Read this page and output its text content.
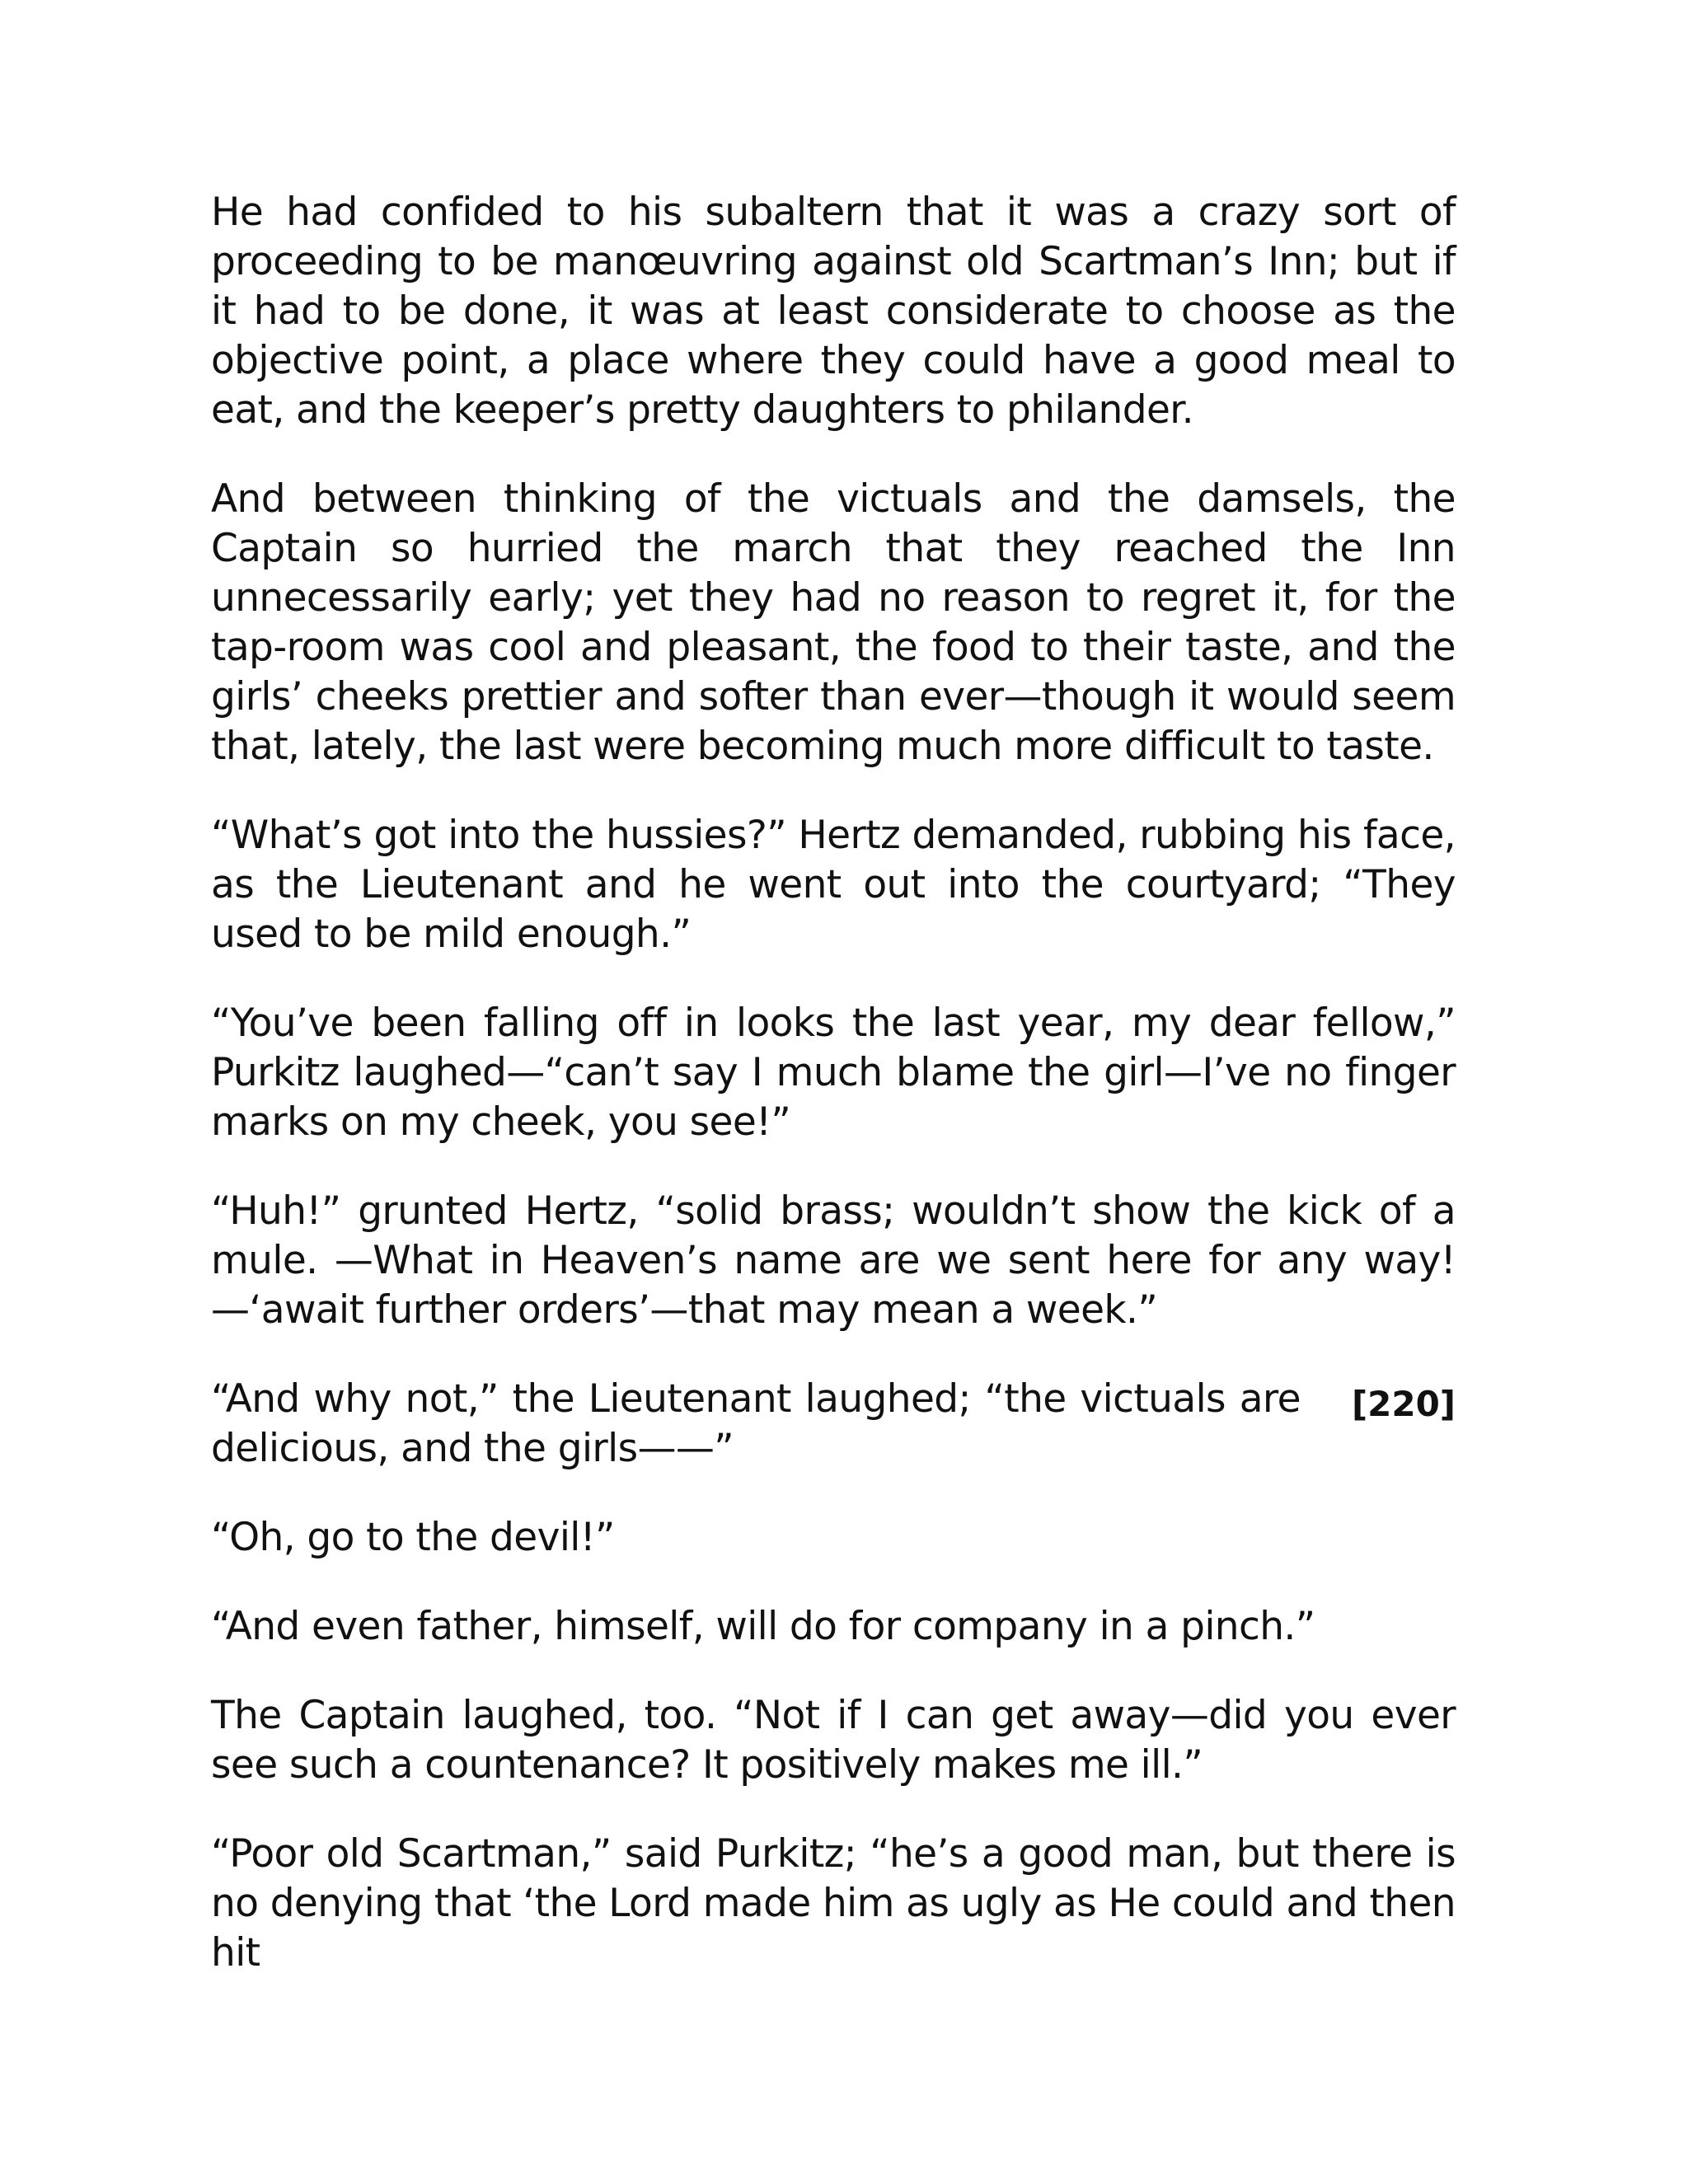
He had confided to his subaltern that it was a crazy sort of proceeding to be manœuvring against old Scartman’s Inn; but if it had to be done, it was at least considerate to choose as the objective point, a place where they could have a good meal to eat, and the keeper’s pretty daughters to philander.

And between thinking of the victuals and the damsels, the Captain so hurried the march that they reached the Inn unnecessarily early; yet they had no reason to regret it, for the tap-room was cool and pleasant, the food to their taste, and the girls’ cheeks prettier and softer than ever—though it would seem that, lately, the last were becoming much more difficult to taste.

“What’s got into the hussies?” Hertz demanded, rubbing his face, as the Lieutenant and he went out into the courtyard; “They used to be mild enough.”

“You’ve been falling off in looks the last year, my dear fellow,” Purkitz laughed—“can’t say I much blame the girl—I’ve no finger marks on my cheek, you see!”

“Huh!” grunted Hertz, “solid brass; wouldn’t show the kick of a mule. —What in Heaven’s name are we sent here for any way!—‘await further orders’—that may mean a week.”

“And why not,” the Lieutenant laughed; “the victuals are delicious, and the girls——”

[220]

“Oh, go to the devil!”

“And even father, himself, will do for company in a pinch.”

The Captain laughed, too. “Not if I can get away—did you ever see such a countenance? It positively makes me ill.”

“Poor old Scartman,” said Purkitz; “he’s a good man, but there is no denying that ‘the Lord made him as ugly as He could and then hit
